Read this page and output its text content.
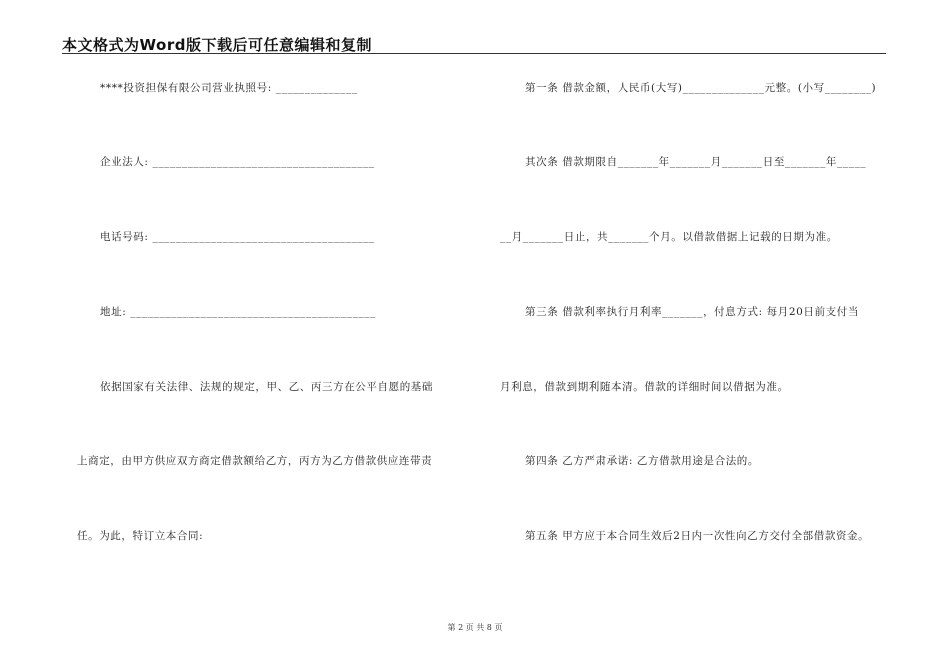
本文格式为Word版下载后可任意编辑和复制
****投资担保有限公司营业执照号: ______________
企业法人: ______________________________________
电话号码: ______________________________________
地址: __________________________________________
依据国家有关法律、法规的规定，甲、乙、丙三方在公平自愿的基础
上商定，由甲方供应双方商定借款额给乙方，丙方为乙方借款供应连带责
任。为此，特订立本合同:
第一条 借款金额，人民币(大写)______________元整。(小写________)
其次条 借款期限自_______年_______月_______日至_______年_____
__月_______日止，共_______个月。以借款借据上记载的日期为准。
第三条 借款利率执行月利率_______，付息方式: 每月20日前支付当
月利息，借款到期利随本清。借款的详细时间以借据为准。
第四条 乙方严肃承诺: 乙方借款用途是合法的。
第五条 甲方应于本合同生效后2日内一次性向乙方交付全部借款资金。
第 2 页 共 8 页
